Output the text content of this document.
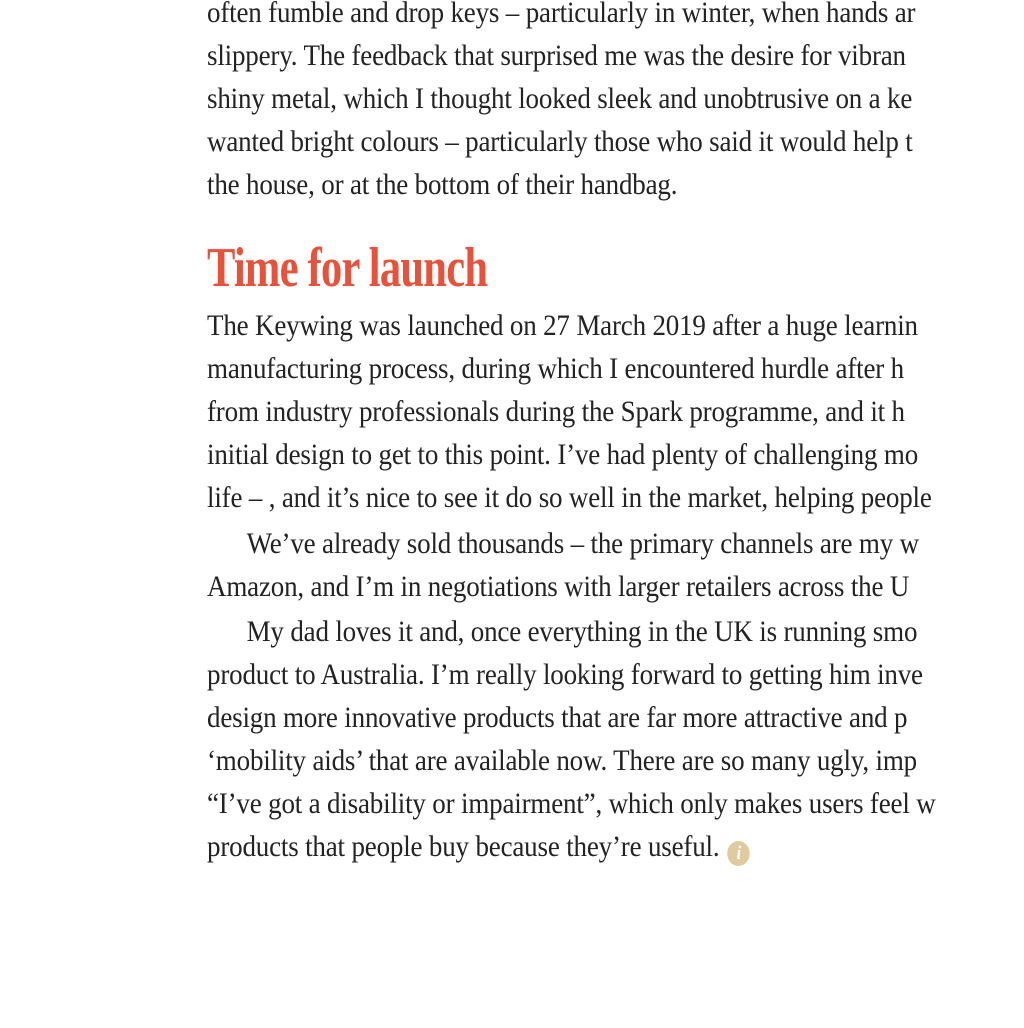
often fumble and drop keys – particularly in winter, when hands ar
slippery. The feedback that surprised me was the desire for vibran
shiny metal, which I thought looked sleek and unobtrusive on a ke
wanted bright colours – particularly those who said it would help t
the house, or at the bottom of their handbag.
Time for launch
The Keywing was launched on 27 March 2019 after a huge learnin
manufacturing process, during which I encountered hurdle after h
from industry professionals during the Spark programme, and it h
initial design to get to this point. I’ve had plenty of challenging mo
life – , and it’s nice to see it do so well in the market, helping people
We’ve already sold thousands – the primary channels are my w
Amazon, and I’m in negotiations with larger retailers across the U
My dad loves it and, once everything in the UK is running smo
product to Australia. I’m really looking forward to getting him inve
design more innovative products that are far more attractive and p
‘mobility aids’ that are available now. There are so many ugly, imp
“I’ve got a disability or impairment”, which only makes users feel w
products that people buy because they’re useful. i
